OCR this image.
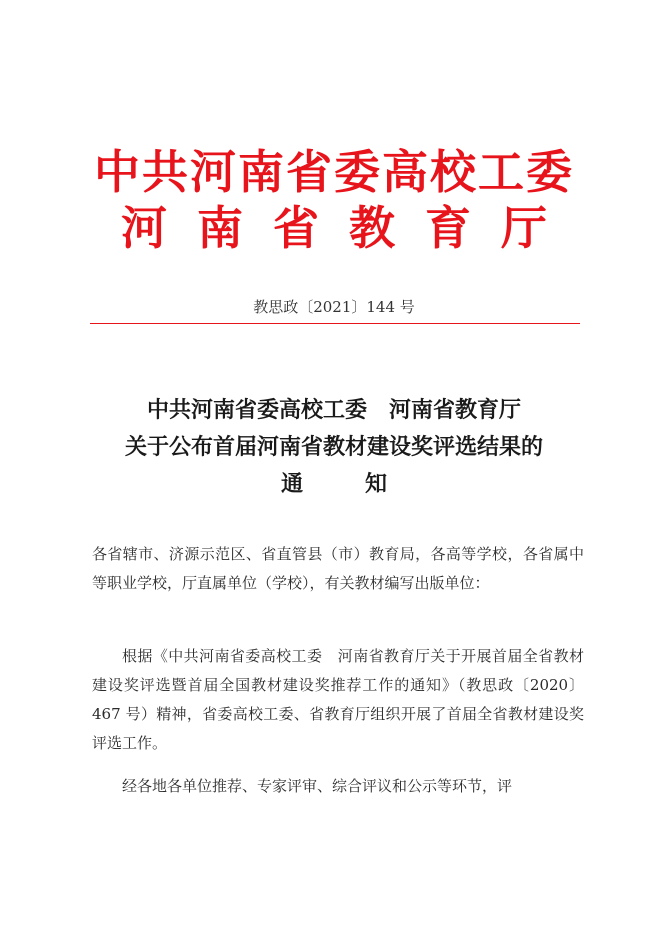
中共河南省委高校工委
河南省教育厅
教思政〔2021〕144 号
中共河南省委高校工委　河南省教育厅
关于公布首届河南省教材建设奖评选结果的
通知
各省辖市、济源示范区、省直管县（市）教育局，各高等学校，各省属中等职业学校，厅直属单位（学校），有关教材编写出版单位：
根据《中共河南省委高校工委　河南省教育厅关于开展首届全省教材建设奖评选暨首届全国教材建设奖推荐工作的通知》（教思政〔2020〕467 号）精神，省委高校工委、省教育厅组织开展了首届全省教材建设奖评选工作。
经各地各单位推荐、专家评审、综合评议和公示等环节，评
